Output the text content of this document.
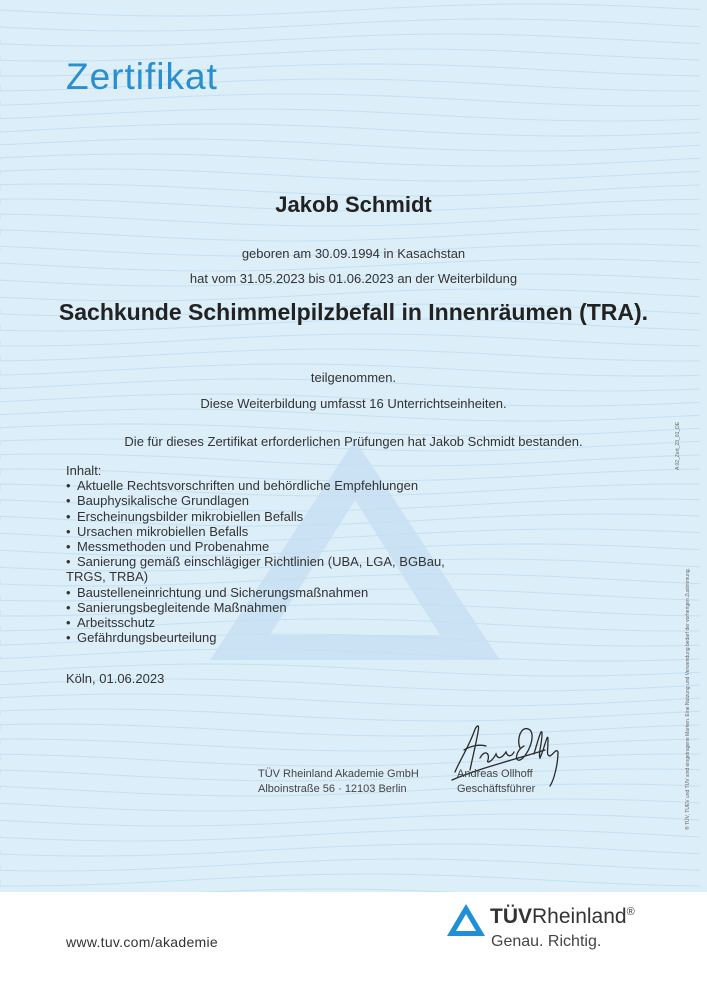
Zertifikat
Jakob Schmidt
geboren am 30.09.1994 in Kasachstan
hat vom 31.05.2023 bis 01.06.2023 an der Weiterbildung
Sachkunde Schimmelpilzbefall in Innenräumen (TRA).
teilgenommen.
Diese Weiterbildung umfasst 16 Unterrichtseinheiten.
Die für dieses Zertifikat erforderlichen Prüfungen hat Jakob Schmidt bestanden.
Inhalt:
• Aktuelle Rechtsvorschriften und behördliche Empfehlungen
• Bauphysikalische Grundlagen
• Erscheinungsbilder mikrobiellen Befalls
• Ursachen mikrobiellen Befalls
• Messmethoden und Probenahme
• Sanierung gemäß einschlägiger Richtlinien (UBA, LGA, BGBau,
TRGS, TRBA)
• Baustelleneinrichtung und Sicherungsmaßnahmen
• Sanierungsbegleitende Maßnahmen
• Arbeitsschutz
• Gefährdungsbeurteilung
Köln, 01.06.2023
TÜV Rheinland Akademie GmbH
Alboinstraße 56 · 12103 Berlin
Andreas Ollhoff
Geschäftsführer
A 02_Zert_23_01_DE
® TÜV, TUEV und TUV sind eingetragene Marken. Eine Nutzung und Verwendung bedarf der vorherigen Zustimmung.
www.tuv.com/akademie
TÜVRheinland®
Genau. Richtig.
